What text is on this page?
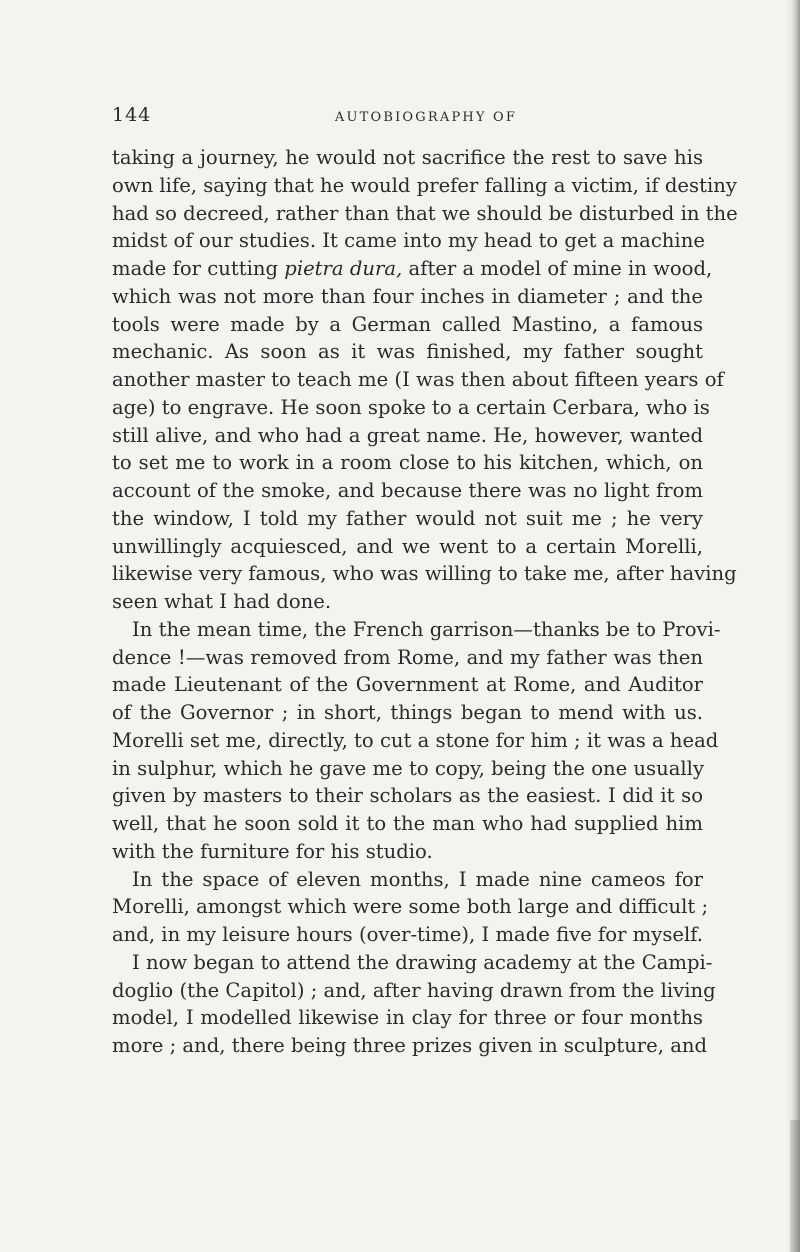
144	AUTOBIOGRAPHY OF
taking a journey, he would not sacrifice the rest to save his
own life, saying that he would prefer falling a victim, if destiny
had so decreed, rather than that we should be disturbed in the
midst of our studies. It came into my head to get a machine
made for cutting pietra dura, after a model of mine in wood,
which was not more than four inches in diameter ; and the
tools were made by a German called Mastino, a famous
mechanic. As soon as it was finished, my father sought
another master to teach me (I was then about fifteen years of
age) to engrave. He soon spoke to a certain Cerbara, who is
still alive, and who had a great name. He, however, wanted
to set me to work in a room close to his kitchen, which, on
account of the smoke, and because there was no light from
the window, I told my father would not suit me ; he very
unwillingly acquiesced, and we went to a certain Morelli,
likewise very famous, who was willing to take me, after having
seen what I had done.
In the mean time, the French garrison—thanks be to Provi-
dence !—was removed from Rome, and my father was then
made Lieutenant of the Government at Rome, and Auditor
of the Governor ; in short, things began to mend with us.
Morelli set me, directly, to cut a stone for him ; it was a head
in sulphur, which he gave me to copy, being the one usually
given by masters to their scholars as the easiest. I did it so
well, that he soon sold it to the man who had supplied him
with the furniture for his studio.
In the space of eleven months, I made nine cameos for
Morelli, amongst which were some both large and difficult ;
and, in my leisure hours (over-time), I made five for myself.
I now began to attend the drawing academy at the Campi-
doglio (the Capitol) ; and, after having drawn from the living
model, I modelled likewise in clay for three or four months
more ; and, there being three prizes given in sculpture, and
